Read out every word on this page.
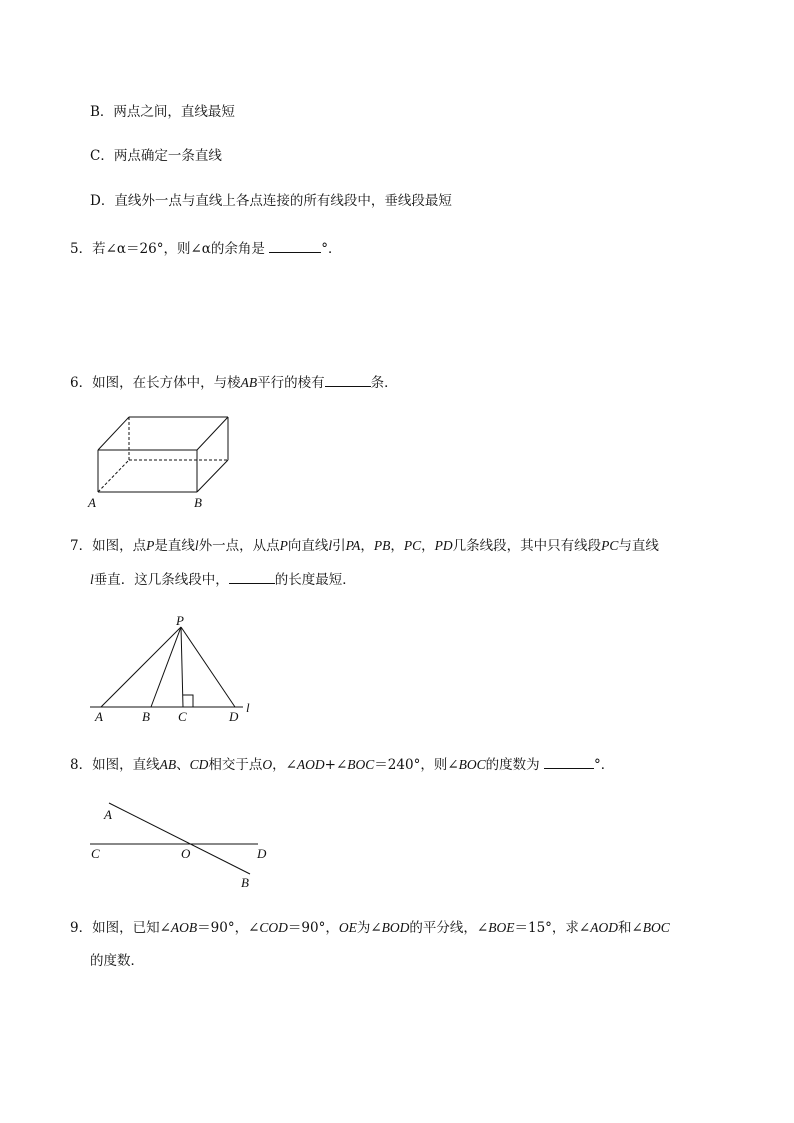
B．两点之间，直线最短
C．两点确定一条直线
D．直线外一点与直线上各点连接的所有线段中，垂线段最短
5．若∠α＝26°，则∠α的余角是	°．
6．如图，在长方体中，与棱AB平行的棱有	条．
A	B
7．如图，点P是直线l外一点，从点P向直线l引PA，PB，PC，PD几条线段，其中只有线段PC与直线
l垂直．这几条线段中，	的长度最短．
P
A	B C	D
l
8．如图，直线AB、CD相交于点O，∠AOD+∠BOC＝240°，则∠BOC的度数为	°．
A
C	O	D
B
9．如图，已知∠AOB＝90°，∠COD＝90°，OE为∠BOD的平分线，∠BOE＝15°，求∠AOD和∠BOC
的度数．
